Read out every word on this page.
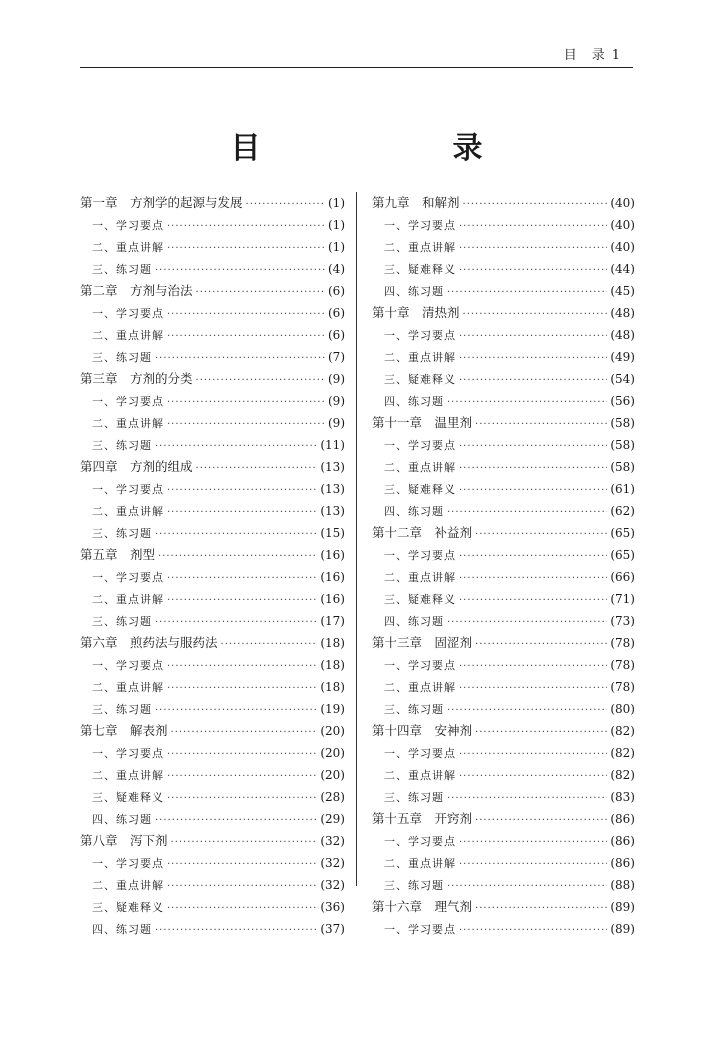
目　录 1
目　　录
第一章　方剂学的起源与发展 ·····	(1)
一、学习要点 ·····	(1)
二、重点讲解 ·····	(1)
三、练习题 ·····	(4)
第二章　方剂与治法 ·····	(6)
一、学习要点 ·····	(6)
二、重点讲解 ·····	(6)
三、练习题 ·····	(7)
第三章　方剂的分类 ·····	(9)
一、学习要点 ·····	(9)
二、重点讲解 ·····	(9)
三、练习题 ·····	(11)
第四章　方剂的组成 ·····	(13)
一、学习要点 ·····	(13)
二、重点讲解 ·····	(13)
三、练习题 ·····	(15)
第五章　剂型 ·····	(16)
一、学习要点 ·····	(16)
二、重点讲解 ·····	(16)
三、练习题 ·····	(17)
第六章　煎药法与服药法 ·····	(18)
一、学习要点 ·····	(18)
二、重点讲解 ·····	(18)
三、练习题 ·····	(19)
第七章　解表剂 ·····	(20)
一、学习要点 ·····	(20)
二、重点讲解 ·····	(20)
三、疑难释义 ·····	(28)
四、练习题 ·····	(29)
第八章　泻下剂 ·····	(32)
一、学习要点 ·····	(32)
二、重点讲解 ·····	(32)
三、疑难释义 ·····	(36)
四、练习题 ·····	(37)
第九章　和解剂 ·····	(40)
一、学习要点 ·····	(40)
二、重点讲解 ·····	(40)
三、疑难释义 ·····	(44)
四、练习题 ·····	(45)
第十章　清热剂 ·····	(48)
一、学习要点 ·····	(48)
二、重点讲解 ·····	(49)
三、疑难释义 ·····	(54)
四、练习题 ·····	(56)
第十一章　温里剂 ·····	(58)
一、学习要点 ·····	(58)
二、重点讲解 ·····	(58)
三、疑难释义 ·····	(61)
四、练习题 ·····	(62)
第十二章　补益剂 ·····	(65)
一、学习要点 ·····	(65)
二、重点讲解 ·····	(66)
三、疑难释义 ·····	(71)
四、练习题 ·····	(73)
第十三章　固涩剂 ·····	(78)
一、学习要点 ·····	(78)
二、重点讲解 ·····	(78)
三、练习题 ·····	(80)
第十四章　安神剂 ·····	(82)
一、学习要点 ·····	(82)
二、重点讲解 ·····	(82)
三、练习题 ·····	(83)
第十五章　开窍剂 ·····	(86)
一、学习要点 ·····	(86)
二、重点讲解 ·····	(86)
三、练习题 ·····	(88)
第十六章　理气剂 ·····	(89)
一、学习要点 ·····	(89)
